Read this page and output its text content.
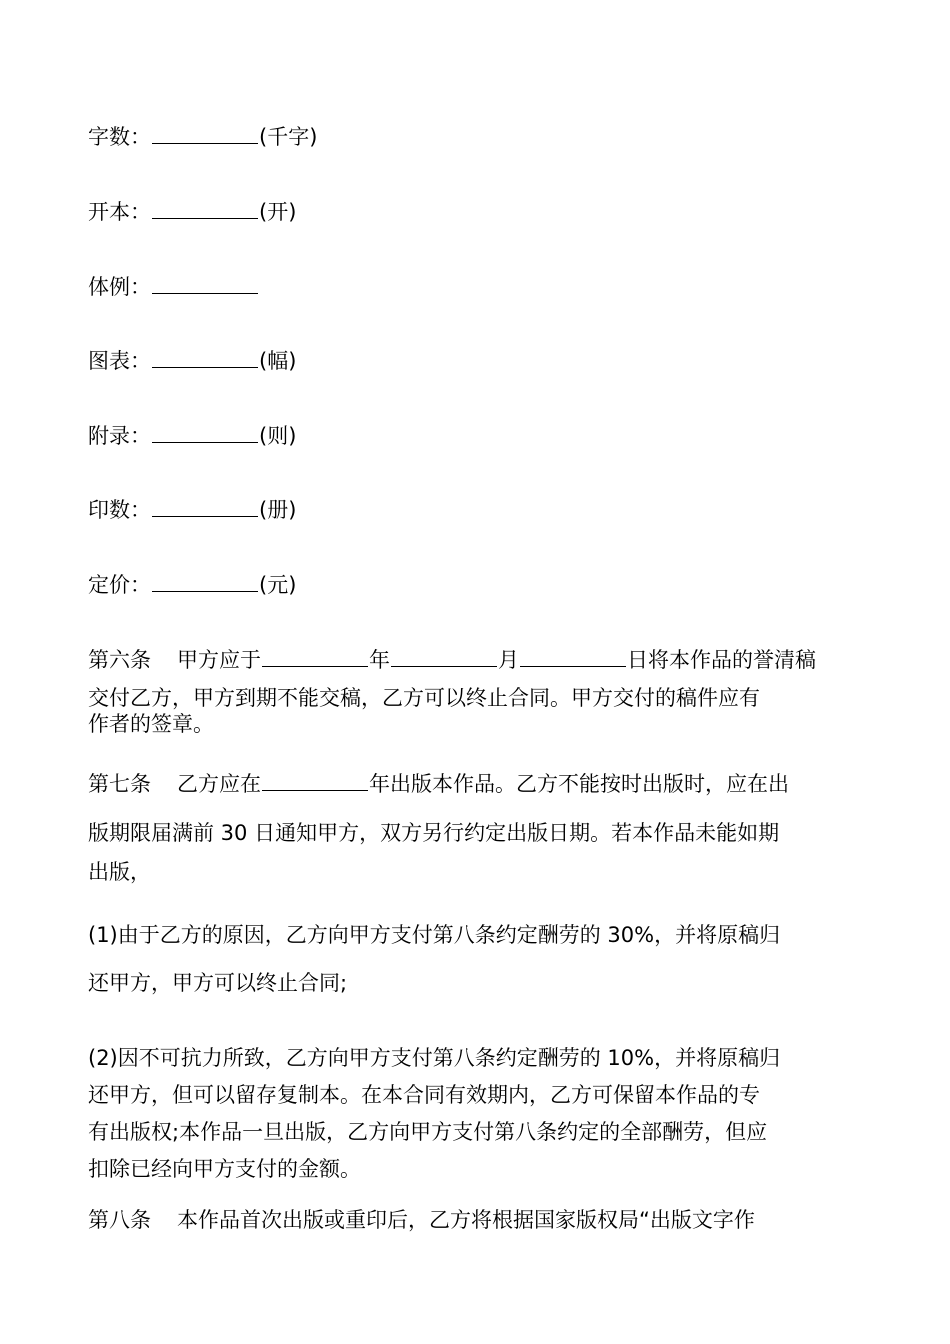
字数：	(千字)
开本：	(开)
体例：
图表：	(幅)
附录：	(则)
印数：	(册)
定价：	(元)
第六条 甲方应于	年	月	日将本作品的誉清稿
交付乙方，甲方到期不能交稿，乙方可以终止合同。甲方交付的稿件应有
作者的签章。
第七条 乙方应在	年出版本作品。乙方不能按时出版时，应在出
版期限届满前 30 日通知甲方，双方另行约定出版日期。若本作品未能如期
出版，
(1)由于乙方的原因，乙方向甲方支付第八条约定酬劳的 30%，并将原稿归
还甲方，甲方可以终止合同;
(2)因不可抗力所致，乙方向甲方支付第八条约定酬劳的 10%，并将原稿归
还甲方，但可以留存复制本。在本合同有效期内，乙方可保留本作品的专
有出版权;本作品一旦出版，乙方向甲方支付第八条约定的全部酬劳，但应
扣除已经向甲方支付的金额。
第八条 本作品首次出版或重印后，乙方将根据国家版权局“出版文字作
